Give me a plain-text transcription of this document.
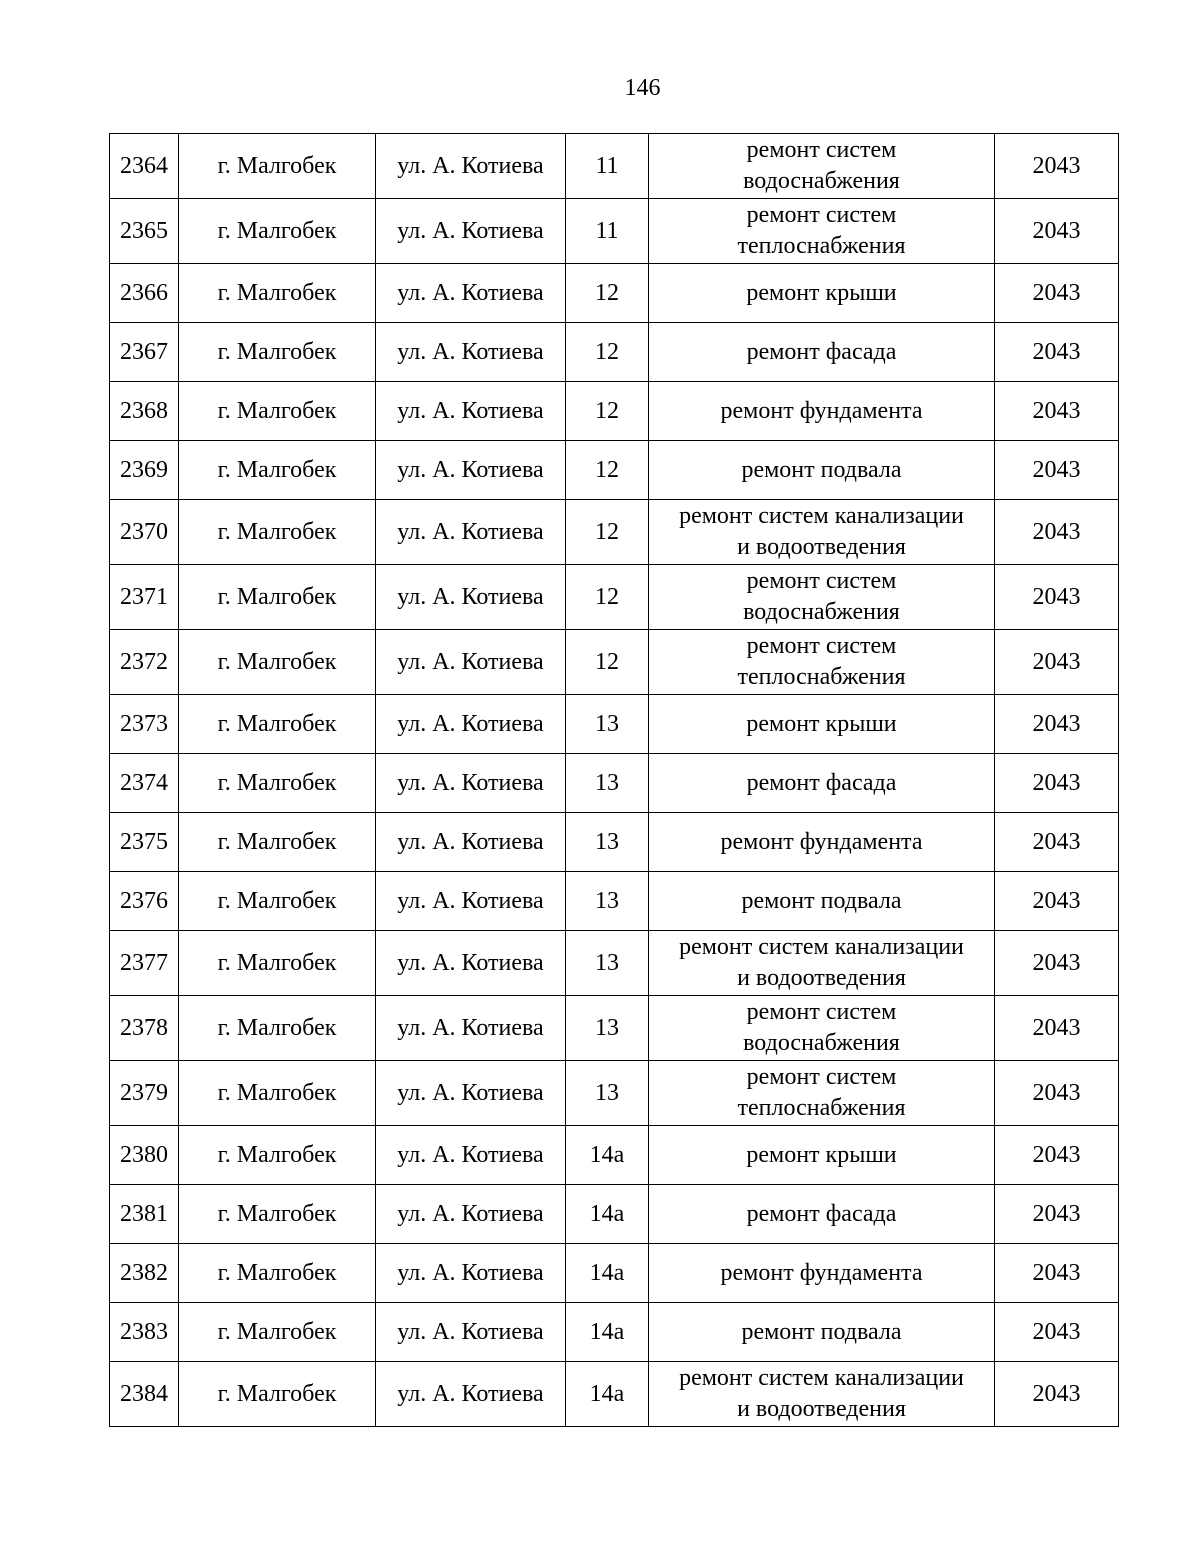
146
2364	г. Малгобек	ул. А. Котиева	11	ремонт систем
водоснабжения	2043
2365	г. Малгобек	ул. А. Котиева	11	ремонт систем
теплоснабжения	2043
2366	г. Малгобек	ул. А. Котиева	12	ремонт крыши	2043
2367	г. Малгобек	ул. А. Котиева	12	ремонт фасада	2043
2368	г. Малгобек	ул. А. Котиева	12	ремонт фундамента	2043
2369	г. Малгобек	ул. А. Котиева	12	ремонт подвала	2043
2370	г. Малгобек	ул. А. Котиева	12	ремонт систем канализации
и водоотведения	2043
2371	г. Малгобек	ул. А. Котиева	12	ремонт систем
водоснабжения	2043
2372	г. Малгобек	ул. А. Котиева	12	ремонт систем
теплоснабжения	2043
2373	г. Малгобек	ул. А. Котиева	13	ремонт крыши	2043
2374	г. Малгобек	ул. А. Котиева	13	ремонт фасада	2043
2375	г. Малгобек	ул. А. Котиева	13	ремонт фундамента	2043
2376	г. Малгобек	ул. А. Котиева	13	ремонт подвала	2043
2377	г. Малгобек	ул. А. Котиева	13	ремонт систем канализации
и водоотведения	2043
2378	г. Малгобек	ул. А. Котиева	13	ремонт систем
водоснабжения	2043
2379	г. Малгобек	ул. А. Котиева	13	ремонт систем
теплоснабжения	2043
2380	г. Малгобек	ул. А. Котиева	14а	ремонт крыши	2043
2381	г. Малгобек	ул. А. Котиева	14а	ремонт фасада	2043
2382	г. Малгобек	ул. А. Котиева	14а	ремонт фундамента	2043
2383	г. Малгобек	ул. А. Котиева	14а	ремонт подвала	2043
2384	г. Малгобек	ул. А. Котиева	14а	ремонт систем канализации
и водоотведения	2043
